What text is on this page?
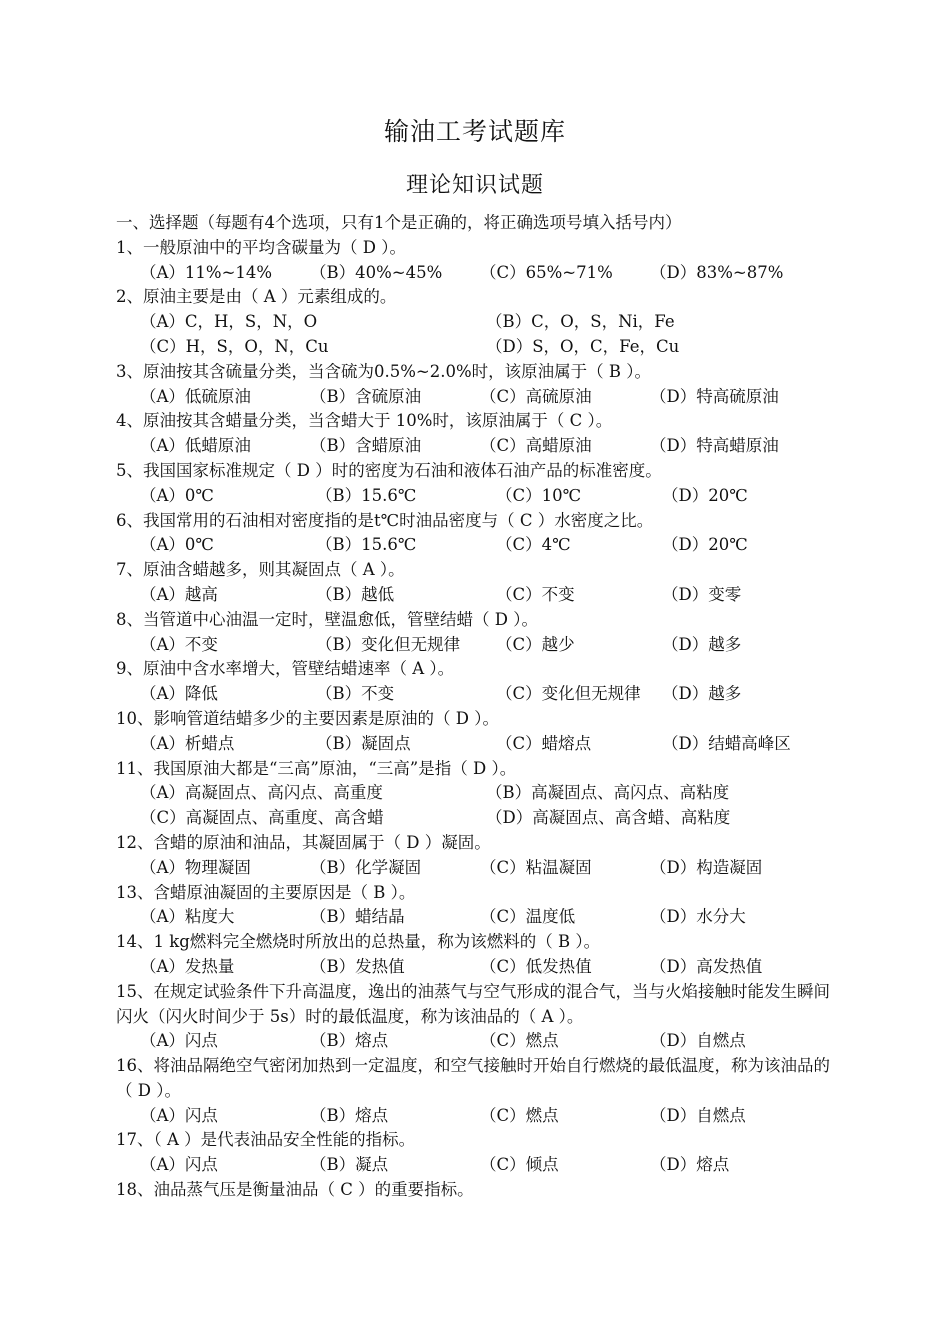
输油工考试题库
理论知识试题
一、选择题（每题有4个选项，只有1个是正确的，将正确选项号填入括号内）
1、一般原油中的平均含碳量为（ D ）。
（A）11%~14%	（B）40%~45%	（C）65%~71%	（D）83%~87%
2、原油主要是由（ A ）元素组成的。
（A）C，H，S，N，O	（B）C，O，S，Ni，Fe
（C）H，S，O，N，Cu	（D）S，O，C，Fe，Cu
3、原油按其含硫量分类，当含硫为0.5%~2.0%时，该原油属于（ B ）。
（A）低硫原油	（B）含硫原油	（C）高硫原油	（D）特高硫原油
4、原油按其含蜡量分类，当含蜡大于 10%时，该原油属于（ C ）。
（A）低蜡原油	（B）含蜡原油	（C）高蜡原油	（D）特高蜡原油
5、我国国家标准规定（ D ）时的密度为石油和液体石油产品的标准密度。
（A）0℃	（B）15.6℃	（C）10℃	（D）20℃
6、我国常用的石油相对密度指的是t℃时油品密度与（ C ）水密度之比。
（A）0℃	（B）15.6℃	（C）4℃	（D）20℃
7、原油含蜡越多，则其凝固点（ A ）。
（A）越高	（B）越低	（C）不变	（D）变零
8、当管道中心油温一定时，壁温愈低，管壁结蜡（ D ）。
（A）不变	（B）变化但无规律	（C）越少	（D）越多
9、原油中含水率增大，管壁结蜡速率（ A ）。
（A）降低	（B）不变	（C）变化但无规律	（D）越多
10、影响管道结蜡多少的主要因素是原油的（ D ）。
（A）析蜡点	（B）凝固点	（C）蜡熔点	（D）结蜡高峰区
11、我国原油大都是“三高”原油，“三高”是指（ D ）。
（A）高凝固点、高闪点、高重度	（B）高凝固点、高闪点、高粘度
（C）高凝固点、高重度、高含蜡	（D）高凝固点、高含蜡、高粘度
12、含蜡的原油和油品，其凝固属于（ D ）凝固。
（A）物理凝固	（B）化学凝固	（C）粘温凝固	（D）构造凝固
13、含蜡原油凝固的主要原因是（ B ）。
（A）粘度大	（B）蜡结晶	（C）温度低	（D）水分大
14、1 kg燃料完全燃烧时所放出的总热量，称为该燃料的（ B ）。
（A）发热量	（B）发热值	（C）低发热值	（D）高发热值
15、在规定试验条件下升高温度，逸出的油蒸气与空气形成的混合气，当与火焰接触时能发生瞬间闪火（闪火时间少于 5s）时的最低温度，称为该油品的（ A ）。
（A）闪点	（B）熔点	（C）燃点	（D）自燃点
16、将油品隔绝空气密闭加热到一定温度，和空气接触时开始自行燃烧的最低温度，称为该油品的（ D ）。
（A）闪点	（B）熔点	（C）燃点	（D）自燃点
17、（ A ）是代表油品安全性能的指标。
（A）闪点	（B）凝点	（C）倾点	（D）熔点
18、油品蒸气压是衡量油品（ C ）的重要指标。
